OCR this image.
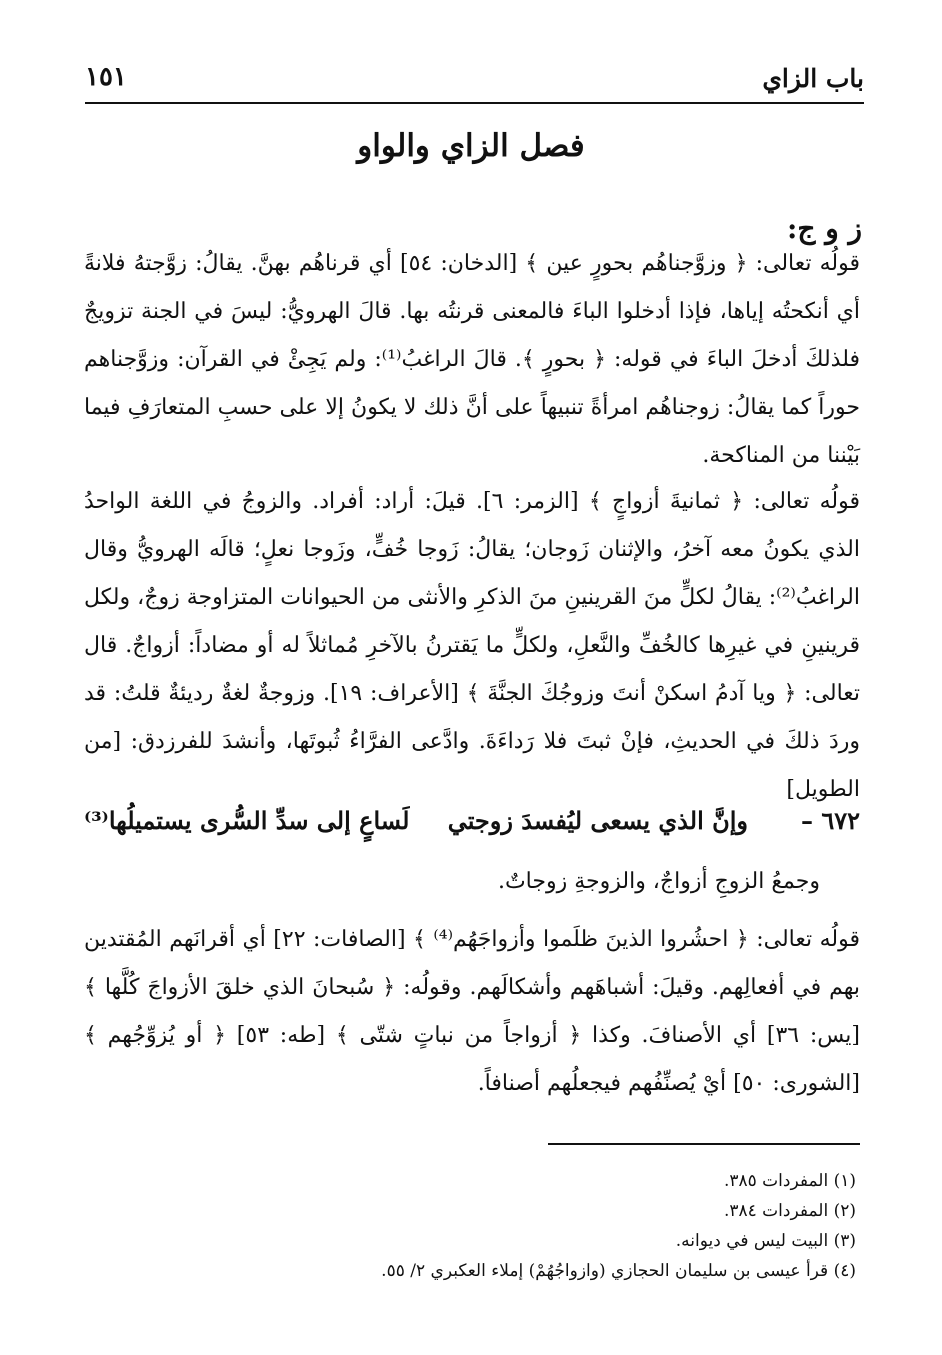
باب الزاي
١٥١
فصل الزاي والواو
ز و ج:

قولُه تعالى: ﴿ وزوَّجناهُم بحورٍ عين ﴾ [الدخان: ٥٤] أي قرناهُم بهنَّ. يقالُ: زوَّجتهُ فلانةً أي أنكحتُه إياها، فإذا أدخلوا الباءَ فالمعنى قرنتُه بها. قالَ الهرويُّ: ليسَ في الجنة تزويجٌ فلذلكَ أدخلَ الباءَ في قوله: ﴿ بحورٍ ﴾. قالَ الراغبُ⁽¹⁾: ولم يَجِئْ في القرآن: وزوَّجناهم حوراً كما يقالُ: زوجناهُم امرأةً تنبيهاً على أنَّ ذلك لا يكونُ إلا على حسبِ المتعارَفِ فيما بَيْننا من المناكحة.

قولُه تعالى: ﴿ ثمانيةَ أزواجٍ ﴾ [الزمر: ٦]. قيلَ: أراد: أفراد. والزوجُ في اللغة الواحدُ الذي يكونُ معه آخرُ، والإثنان زَوجان؛ يقالُ: زَوجا خُفٍّ، وزَوجا نعلٍ؛ قالَه الهرويُّ وقال الراغبُ⁽²⁾: يقالُ لكلٍّ منَ القرينينِ منَ الذكرِ والأنثى من الحيوانات المتزاوجة زوجٌ، ولكل قرينينِ في غيرِها كالخُفِّ والنَّعلِ، ولكلٍّ ما يَقترنُ بالآخرِ مُماثلاً له أو مضاداً: أزواجٌ. قال تعالى: ﴿ ويا آدمُ اسكنْ أنتَ وزوجُكَ الجنَّةَ ﴾ [الأعراف: ١٩]. وزوجةٌ لغةٌ رديئةٌ قلتُ: قد وردَ ذلكَ في الحديثِ، فإنْ ثبتَ فلا رَداءَةَ. وادَّعى الفرَّاءُ ثُبوتَها، وأنشدَ للفرزدق: [من الطويل]

٦٧٢ –
وإنَّ الذي يسعى ليُفسدَ زوجتي
لَساعٍ إلى سدِّ السُّرى يستميلُها⁽³⁾
وجمعُ الزوجِ أزواجٌ، والزوجةِ زوجاتٌ.

قولُه تعالى: ﴿ احشُروا الذينَ ظلَموا وأزواجَهُم⁽⁴⁾ ﴾ [الصافات: ٢٢] أي أقرانَهم المُقتدين بهم في أفعالِهم. وقيلَ: أشباهَهم وأشكالَهم. وقولُه: ﴿ سُبحانَ الذي خلقَ الأزواجَ كُلَّها ﴾ [يس: ٣٦] أي الأصنافَ. وكذا ﴿ أزواجاً من نباتٍ شتّى ﴾ [طه: ٥٣] ﴿ أو يُزوِّجُهم ﴾ [الشورى: ٥٠] أيْ يُصنِّفُهم فيجعلُهم أصنافاً.

(١) المفردات ٣٨٥.
(٢) المفردات ٣٨٤.
(٣) البيت ليس في ديوانه.
(٤) قرأ عيسى بن سليمان الحجازي (وازواجُهُمْ) إملاء العكبري ٢/ ٥٥.
